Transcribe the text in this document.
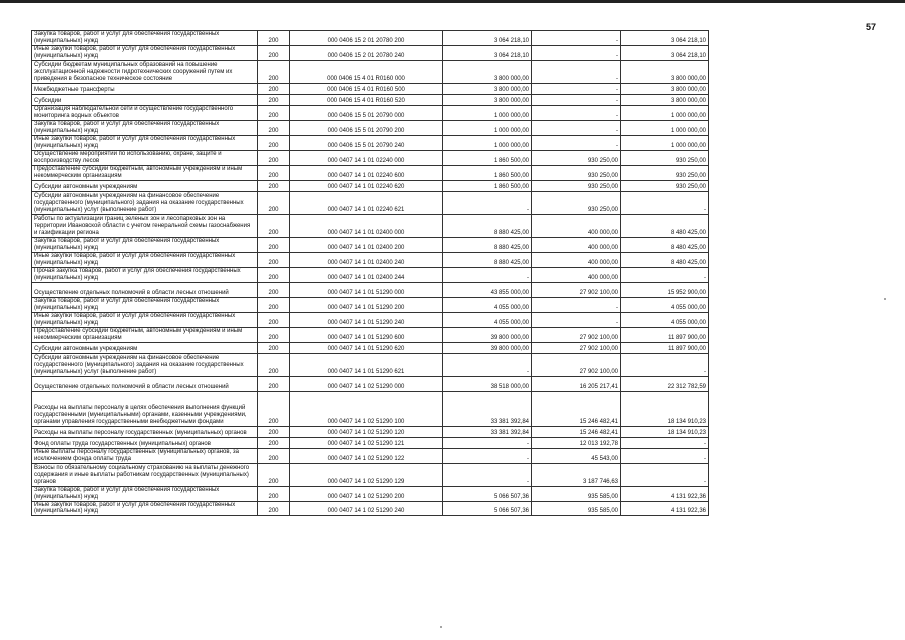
57
Закупка товаров, работ и услуг для обеспечения государственных (муниципальных) нужд	200	000 0406 15 2 01 20780 200	3 064 218,10	-	3 064 218,10
Иные закупки товаров, работ и услуг для обеспечения государственных (муниципальных) нужд	200	000 0406 15 2 01 20780 240	3 064 218,10	-	3 064 218,10
Субсидии бюджетам муниципальных образований на повышение эксплуатационной надежности гидротехнических сооружений путем их приведения в безопасное техническое состояние	200	000 0406 15 4 01 R0160 000	3 800 000,00	-	3 800 000,00
Межбюджетные трансферты	200	000 0406 15 4 01 R0160 500	3 800 000,00	-	3 800 000,00
Субсидии	200	000 0406 15 4 01 R0160 520	3 800 000,00	-	3 800 000,00
Организация наблюдательной сети и осуществление государственного мониторинга водных объектов	200	000 0406 15 5 01 20790 000	1 000 000,00	-	1 000 000,00
Закупка товаров, работ и услуг для обеспечения государственных (муниципальных) нужд	200	000 0406 15 5 01 20790 200	1 000 000,00	-	1 000 000,00
Иные закупки товаров, работ и услуг для обеспечения государственных (муниципальных) нужд	200	000 0406 15 5 01 20790 240	1 000 000,00	-	1 000 000,00
Осуществление мероприятий по использованию, охране, защите и воспроизводству лесов	200	000 0407 14 1 01 02240 000	1 860 500,00	930 250,00	930 250,00
Предоставление субсидий бюджетным, автономным учреждениям и иным некоммерческим организациям	200	000 0407 14 1 01 02240 600	1 860 500,00	930 250,00	930 250,00
Субсидии автономным учреждениям	200	000 0407 14 1 01 02240 620	1 860 500,00	930 250,00	930 250,00
Субсидии автономным учреждениям на финансовое обеспечение государственного (муниципального) задания на оказание государственных (муниципальных) услуг (выполнение работ)	200	000 0407 14 1 01 02240 621	-	930 250,00	-
Работы по актуализации границ зеленых зон и лесопарковых зон на территории Ивановской области с учетом генеральной схемы газоснабжения и газификации региона	200	000 0407 14 1 01 02400 000	8 880 425,00	400 000,00	8 480 425,00
Закупка товаров, работ и услуг для обеспечения государственных (муниципальных) нужд	200	000 0407 14 1 01 02400 200	8 880 425,00	400 000,00	8 480 425,00
Иные закупки товаров, работ и услуг для обеспечения государственных (муниципальных) нужд	200	000 0407 14 1 01 02400 240	8 880 425,00	400 000,00	8 480 425,00
Прочая закупка товаров, работ и услуг для обеспечения государственных (муниципальных) нужд	200	000 0407 14 1 01 02400 244	-	400 000,00	-
Осуществление отдельных полномочий в области лесных отношений	200	000 0407 14 1 01 51290 000	43 855 000,00	27 902 100,00	15 952 900,00
Закупка товаров, работ и услуг для обеспечения государственных (муниципальных) нужд	200	000 0407 14 1 01 51290 200	4 055 000,00	-	4 055 000,00
Иные закупки товаров, работ и услуг для обеспечения государственных (муниципальных) нужд	200	000 0407 14 1 01 51290 240	4 055 000,00	-	4 055 000,00
Предоставление субсидий бюджетным, автономным учреждениям и иным некоммерческим организациям	200	000 0407 14 1 01 51290 600	39 800 000,00	27 902 100,00	11 897 900,00
Субсидии автономным учреждениям	200	000 0407 14 1 01 51290 620	39 800 000,00	27 902 100,00	11 897 900,00
Субсидии автономным учреждениям на финансовое обеспечение государственного (муниципального) задания на оказание государственных (муниципальных) услуг (выполнение работ)	200	000 0407 14 1 01 51290 621	-	27 902 100,00	-
Осуществление отдельных полномочий в области лесных отношений	200	000 0407 14 1 02 51290 000	38 518 000,00	16 205 217,41	22 312 782,59
Расходы на выплаты персоналу в целях обеспечения выполнения функций государственными (муниципальными) органами, казенными учреждениями, органами управления государственными внебюджетными фондами	200	000 0407 14 1 02 51290 100	33 381 392,84	15 246 482,41	18 134 910,23
Расходы на выплаты персоналу государственных (муниципальных) органов	200	000 0407 14 1 02 51290 120	33 381 392,84	15 246 482,41	18 134 910,23
Фонд оплаты труда государственных (муниципальных) органов	200	000 0407 14 1 02 51290 121	-	12 013 192,78	-
Иные выплаты персоналу государственных (муниципальных) органов, за исключением фонда оплаты труда	200	000 0407 14 1 02 51290 122	-	45 543,00	-
Взносы по обязательному социальному страхованию на выплаты денежного содержания и иные выплаты работникам государственных (муниципальных) органов	200	000 0407 14 1 02 51290 129	-	3 187 746,63	-
Закупка товаров, работ и услуг для обеспечения государственных (муниципальных) нужд	200	000 0407 14 1 02 51290 200	5 066 507,36	935 585,00	4 131 922,36
Иные закупки товаров, работ и услуг для обеспечения государственных (муниципальных) нужд	200	000 0407 14 1 02 51290 240	5 066 507,36	935 585,00	4 131 922,36
